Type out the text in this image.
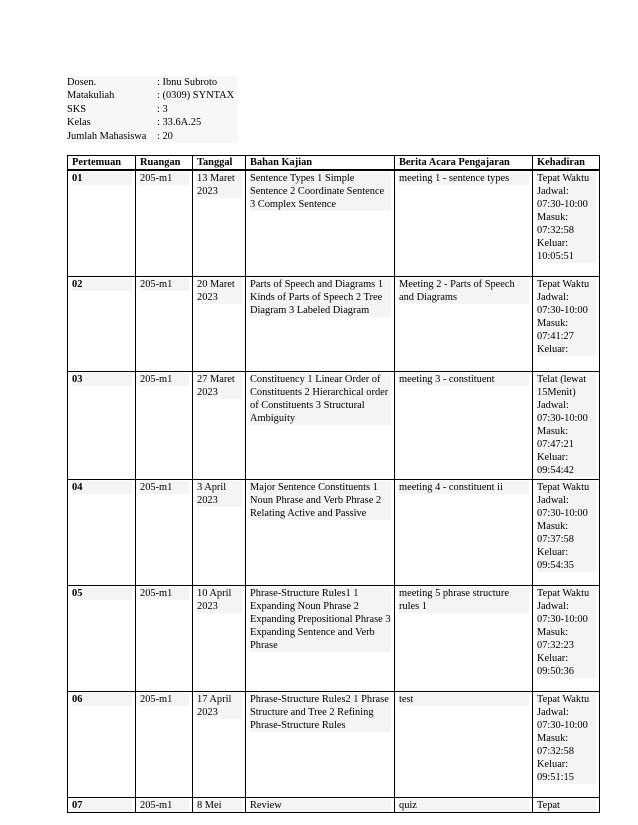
Dosen.	: Ibnu Subroto
Matakuliah	: (0309) SYNTAX
SKS	: 3
Kelas	: 33.6A.25
Jumlah Mahasiswa	: 20
Pertemuan	Ruangan	Tanggal	Bahan Kajian	Berita Acara Pengajaran	Kehadiran

01	205-m1	13 Maret 2023	Sentence Types 1 Simple Sentence 2 Coordinate Sentence 3 Complex Sentence	meeting 1 - sentence types	Tepat Waktu Jadwal: 07:30-10:00 Masuk: 07:32:58 Keluar: 10:05:51

02	205-m1	20 Maret 2023	Parts of Speech and Diagrams 1 Kinds of Parts of Speech 2 Tree Diagram 3 Labeled Diagram	Meeting 2 - Parts of Speech and Diagrams	Tepat Waktu Jadwal: 07:30-10:00 Masuk: 07:41:27 Keluar:

03	205-m1	27 Maret 2023	Constituency 1 Linear Order of Constituents 2 Hierarchical order of Constituents 3 Structural Ambiguity	meeting 3 - constituent	Telat (lewat 15Menit) Jadwal: 07:30-10:00 Masuk: 07:47:21 Keluar: 09:54:42

04	205-m1	3 April 2023	Major Sentence Constituents 1 Noun Phrase and Verb Phrase 2 Relating Active and Passive	meeting 4 - constituent ii	Tepat Waktu Jadwal: 07:30-10:00 Masuk: 07:37:58 Keluar: 09:54:35

05	205-m1	10 April 2023	Phrase-Structure Rules1 1 Expanding Noun Phrase 2 Expanding Prepositional Phrase 3 Expanding Sentence and Verb Phrase	meeting 5 phrase structure rules 1	Tepat Waktu Jadwal: 07:30-10:00 Masuk: 07:32:23 Keluar: 09:50:36

06	205-m1	17 April 2023	Phrase-Structure Rules2 1 Phrase Structure and Tree 2 Refining Phrase-Structure Rules	test	Tepat Waktu Jadwal: 07:30-10:00 Masuk: 07:32:58 Keluar: 09:51:15

07	205-m1	8 Mei	Review	quiz	Tepat
